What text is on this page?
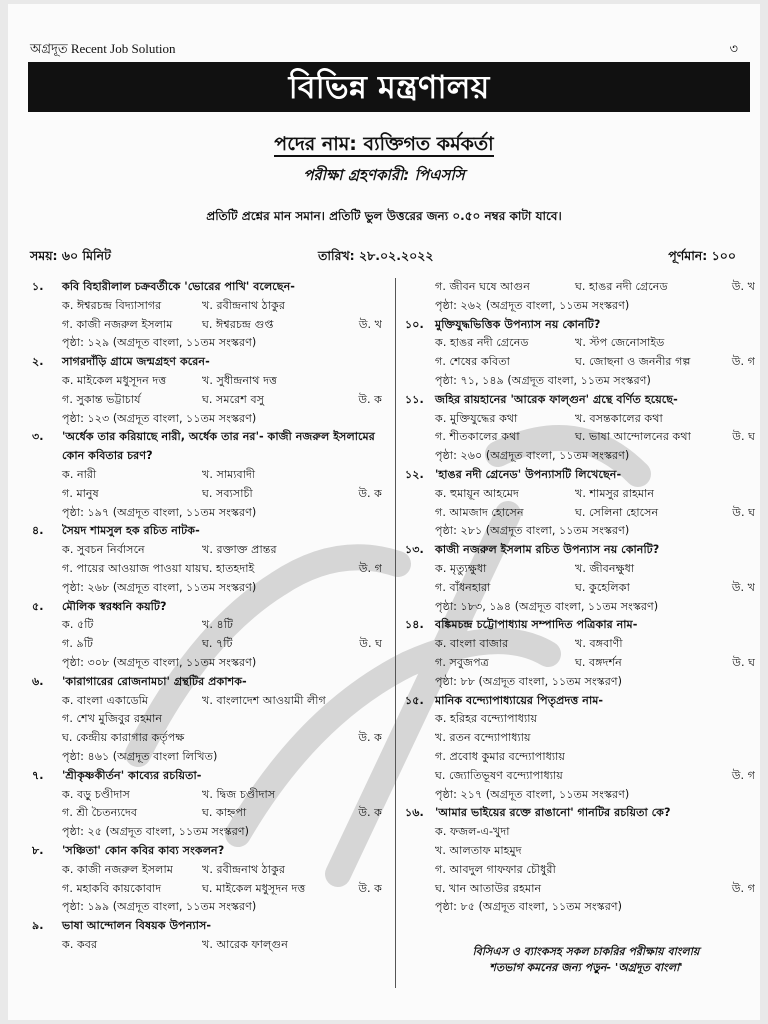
অগ্রদূত Recent Job Solution	৩
বিভিন্ন মন্ত্রণালয়
পদের নাম: ব্যক্তিগত কর্মকর্তা
পরীক্ষা গ্রহণকারী: পিএসসি
প্রতিটি প্রশ্নের মান সমান। প্রতিটি ভুল উত্তরের জন্য ০.৫০ নম্বর কাটা যাবে।
সময়: ৬০ মিনিট	তারিখ: ২৮.০২.২০২২	পূর্ণমান: ১০০
১.	কবি বিহারীলাল চক্রবর্তীকে 'ভোরের পাখি' বলেছেন-
ক. ঈশ্বরচন্দ্র বিদ্যাসাগর	খ. রবীন্দ্রনাথ ঠাকুর
গ. কাজী নজরুল ইসলাম	ঘ. ঈশ্বরচন্দ্র গুপ্ত	উ. খ
পৃষ্ঠা: ১২৯ (অগ্রদূত বাংলা, ১১তম সংস্করণ)
২.	সাগরদাঁড়ি গ্রামে জন্মগ্রহণ করেন-
ক. মাইকেল মধুসূদন দত্ত	খ. সুধীন্দ্রনাথ দত্ত
গ. সুকান্ত ভট্টাচার্য	ঘ. সমরেশ বসু	উ. ক
পৃষ্ঠা: ১২৩ (অগ্রদূত বাংলা, ১১তম সংস্করণ)
৩.	'অর্ধেক তার করিয়াছে নারী, অর্ধেক তার নর'- কাজী নজরুল ইসলামের কোন কবিতার চরণ?
ক. নারী	খ. সাম্যবাদী
গ. মানুষ	ঘ. সব্যসাচী	উ. ক
পৃষ্ঠা: ১৯৭ (অগ্রদূত বাংলা, ১১তম সংস্করণ)
৪.	সৈয়দ শামসুল হক রচিত নাটক-
ক. সুবচন নির্বাসনে	খ. রক্তাক্ত প্রান্তর
গ. পায়ের আওয়াজ পাওয়া যায় ঘ. হাতহদাই	উ. গ
পৃষ্ঠা: ২৬৮ (অগ্রদূত বাংলা, ১১তম সংস্করণ)
৫.	মৌলিক স্বরধ্বনি কয়টি?
ক. ৫টি	খ. ৪টি
গ. ৯টি	ঘ. ৭টি	উ. ঘ
পৃষ্ঠা: ৩০৮ (অগ্রদূত বাংলা, ১১তম সংস্করণ)
৬.	'কারাগারের রোজনামচা' গ্রন্থটির প্রকাশক-
ক. বাংলা একাডেমি	খ. বাংলাদেশ আওয়ামী লীগ
গ. শেখ মুজিবুর রহমান
ঘ. কেন্দ্রীয় কারাগার কর্তৃপক্ষ	উ. ক
পৃষ্ঠা: ৪৬১ (অগ্রদূত বাংলা লিখিত)
৭.	'শ্রীকৃষ্ণকীর্তন' কাব্যের রচয়িতা-
ক. বড়ু চণ্ডীদাস	খ. দ্বিজ চণ্ডীদাস
গ. শ্রী চৈতন্যদেব	ঘ. কাহ্নপা	উ. ক
পৃষ্ঠা: ২৫ (অগ্রদূত বাংলা, ১১তম সংস্করণ)
৮.	'সঞ্চিতা' কোন কবির কাব্য সংকলন?
ক. কাজী নজরুল ইসলাম	খ. রবীন্দ্রনাথ ঠাকুর
গ. মহাকবি কায়কোবাদ	ঘ. মাইকেল মধুসূদন দত্ত	উ. ক
পৃষ্ঠা: ১৯৯ (অগ্রদূত বাংলা, ১১তম সংস্করণ)
৯.	ভাষা আন্দোলন বিষয়ক উপন্যাস-
ক. কবর	খ. আরেক ফাল্গুন
গ. জীবন ঘষে আগুন	ঘ. হাঙর নদী গ্রেনেড	উ. খ
পৃষ্ঠা: ২৬২ (অগ্রদূত বাংলা, ১১তম সংস্করণ)
১০.	মুক্তিযুদ্ধভিত্তিক উপন্যাস নয় কোনটি?
ক. হাঙর নদী গ্রেনেড	খ. স্টপ জেনোসাইড
গ. শেষের কবিতা	ঘ. জোছনা ও জননীর গল্প	উ. গ
পৃষ্ঠা: ৭১, ১৪৯ (অগ্রদূত বাংলা, ১১তম সংস্করণ)
১১.	জহির রায়হানের 'আরেক ফাল্গুন' গ্রন্থে বর্ণিত হয়েছে-
ক. মুক্তিযুদ্ধের কথা	খ. বসন্তকালের কথা
গ. শীতকালের কথা	ঘ. ভাষা আন্দোলনের কথা	উ. ঘ
পৃষ্ঠা: ২৬০ (অগ্রদূত বাংলা, ১১তম সংস্করণ)
১২.	'হাঙর নদী গ্রেনেড' উপন্যাসটি লিখেছেন-
ক. হুমায়ূন আহমেদ	খ. শামসুর রাহমান
গ. আমজাদ হোসেন	ঘ. সেলিনা হোসেন	উ. ঘ
পৃষ্ঠা: ২৮১ (অগ্রদূত বাংলা, ১১তম সংস্করণ)
১৩.	কাজী নজরুল ইসলাম রচিত উপন্যাস নয় কোনটি?
ক. মৃত্যুক্ষুধা	খ. জীবনক্ষুধা
গ. বাঁধনহারা	ঘ. কুহেলিকা	উ. খ
পৃষ্ঠা: ১৮৩, ১৯৪ (অগ্রদূত বাংলা, ১১তম সংস্করণ)
১৪.	বঙ্কিমচন্দ্র চট্টোপাধ্যায় সম্পাদিত পত্রিকার নাম-
ক. বাংলা বাজার	খ. বঙ্গবাণী
গ. সবুজপত্র	ঘ. বঙ্গদর্শন	উ. ঘ
পৃষ্ঠা: ৮৮ (অগ্রদূত বাংলা, ১১তম সংস্করণ)
১৫.	মানিক বন্দ্যোপাধ্যায়ের পিতৃপ্রদত্ত নাম-
ক. হরিহর বন্দ্যোপাধ্যায়
খ. রতন বন্দ্যোপাধ্যায়
গ. প্রবোধ কুমার বন্দ্যোপাধ্যায়
ঘ. জ্যোতিভূষণ বন্দ্যোপাধ্যায়	উ. গ
পৃষ্ঠা: ২১৭ (অগ্রদূত বাংলা, ১১তম সংস্করণ)
১৬.	'আমার ভাইয়ের রক্তে রাঙানো' গানটির রচয়িতা কে?
ক. ফজল-এ-খুদা
খ. আলতাফ মাহমুদ
গ. আবদুল গাফফার চৌধুরী
ঘ. খান আতাউর রহমান	উ. গ
পৃষ্ঠা: ৮৫ (অগ্রদূত বাংলা, ১১তম সংস্করণ)
বিসিএস ও ব্যাংকসহ সকল চাকরির পরীক্ষায় বাংলায়
শতভাগ কমনের জন্য পড়ুন- 'অগ্রদূত বাংলা'
